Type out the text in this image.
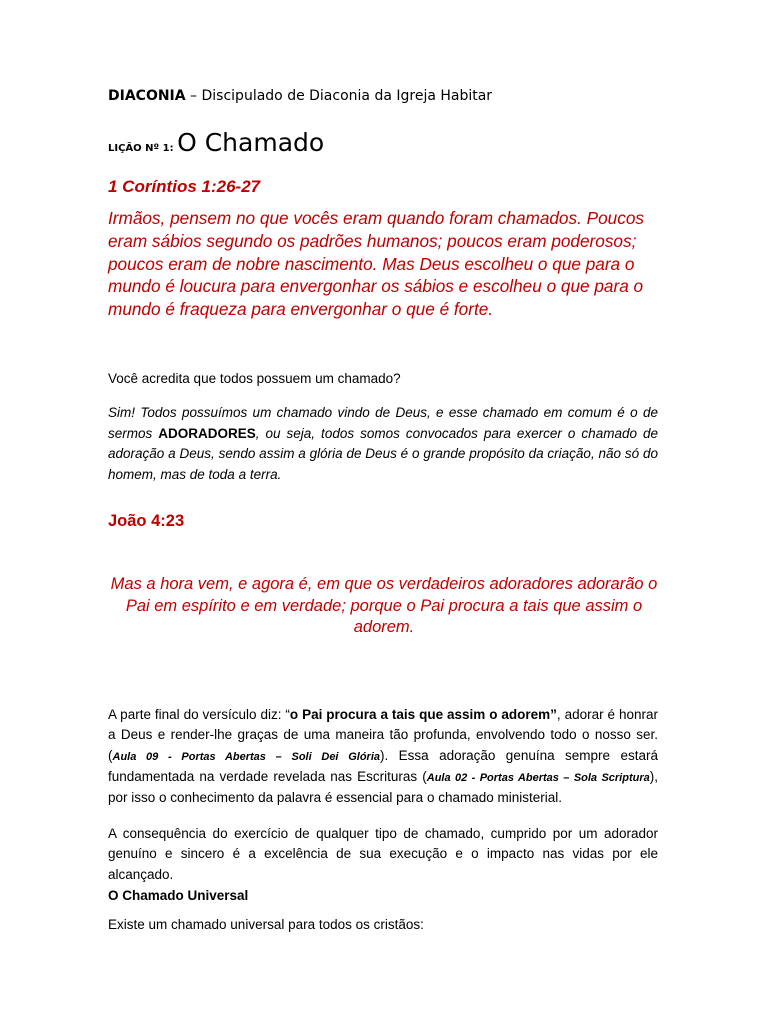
DIACONIA – Discipulado de Diaconia da Igreja Habitar

LIÇÃO Nº 1: O Chamado

1 Coríntios 1:26-27

Irmãos, pensem no que vocês eram quando foram chamados. Poucos eram sábios segundo os padrões humanos; poucos eram poderosos; poucos eram de nobre nascimento. Mas Deus escolheu o que para o mundo é loucura para envergonhar os sábios e escolheu o que para o mundo é fraqueza para envergonhar o que é forte.

Você acredita que todos possuem um chamado?

Sim! Todos possuímos um chamado vindo de Deus, e esse chamado em comum é o de sermos ADORADORES, ou seja, todos somos convocados para exercer o chamado de adoração a Deus, sendo assim a glória de Deus é o grande propósito da criação, não só do homem, mas de toda a terra.

João 4:23

Mas a hora vem, e agora é, em que os verdadeiros adoradores adorarão o Pai em espírito e em verdade; porque o Pai procura a tais que assim o adorem.

A parte final do versículo diz: “o Pai procura a tais que assim o adorem”, adorar é honrar a Deus e render-lhe graças de uma maneira tão profunda, envolvendo todo o nosso ser. (Aula 09 - Portas Abertas – Soli Dei Glória). Essa adoração genuína sempre estará fundamentada na verdade revelada nas Escrituras (Aula 02 - Portas Abertas – Sola Scriptura), por isso o conhecimento da palavra é essencial para o chamado ministerial.

A consequência do exercício de qualquer tipo de chamado, cumprido por um adorador genuíno e sincero é a excelência de sua execução e o impacto nas vidas por ele alcançado.

O Chamado Universal

Existe um chamado universal para todos os cristãos:
